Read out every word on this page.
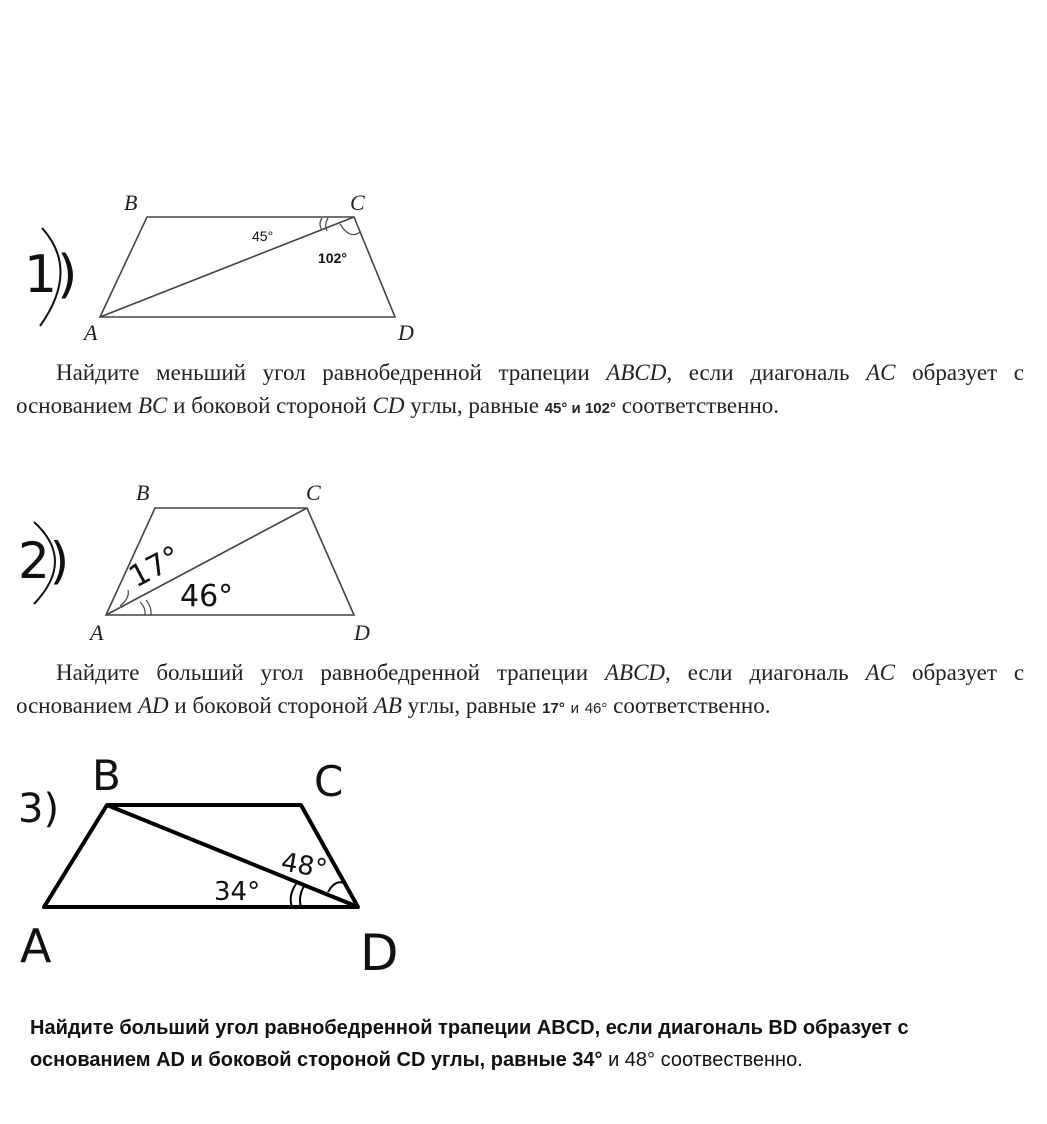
1)
B	C
A	D
45°
102°
2)
B	C
A	D
17°
46°
3)
B	C
A	D
34°
48°
Найдите меньший угол равнобедренной трапеции ABCD, если диагональ AC образует с основанием BC и боковой стороной CD углы, равные 45° и 102° соответственно.
Найдите больший угол равнобедренной трапеции ABCD, если диагональ AC образует с основанием AD и боковой стороной AB углы, равные 17° и 46° соответственно.
Найдите больший угол равнобедренной трапеции ABCD, если диагональ BD образует с основанием AD и боковой стороной CD углы, равные 34° и 48° соотвественно.
